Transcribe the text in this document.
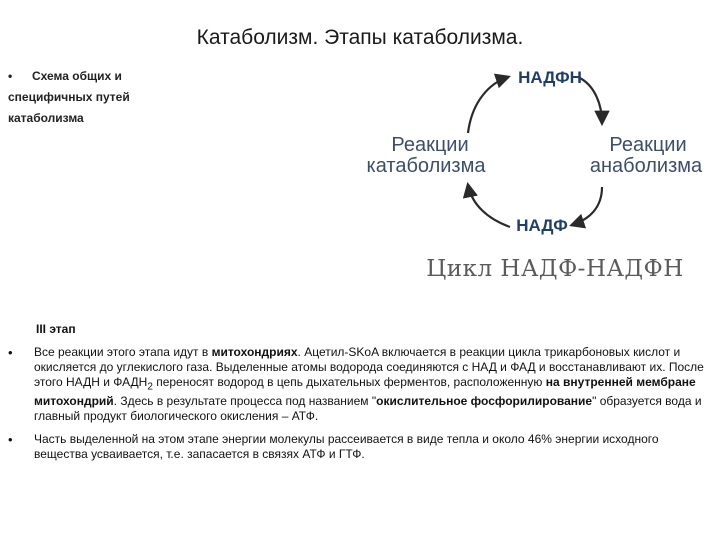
Катаболизм. Этапы катаболизма.
• Схема общих и специфичных путей катаболизма
НАДФН
НАДФ
Реакции
катаболизма
Реакции
анаболизма
Цикл НАДФ-НАДФН
III этап
•	Все реакции этого этапа идут в митохондриях. Ацетил-SKoA включается в реакции цикла трикарбоновых кислот и окисляется до углекислого газа. Выделенные атомы водорода соединяются с НАД и ФАД и восстанавливают их. После этого НАДН и $ФАДН_2$ переносят водород в цепь дыхательных ферментов, расположенную на внутренней мембране митохондрий. Здесь в результате процесса под названием "окислительное фосфорилирование" образуется вода и главный продукт биологического окисления – АТФ.
•	Часть выделенной на этом этапе энергии молекулы рассеивается в виде тепла и около 46% энергии исходного вещества усваивается, т.е. запасается в связях АТФ и ГТФ.
